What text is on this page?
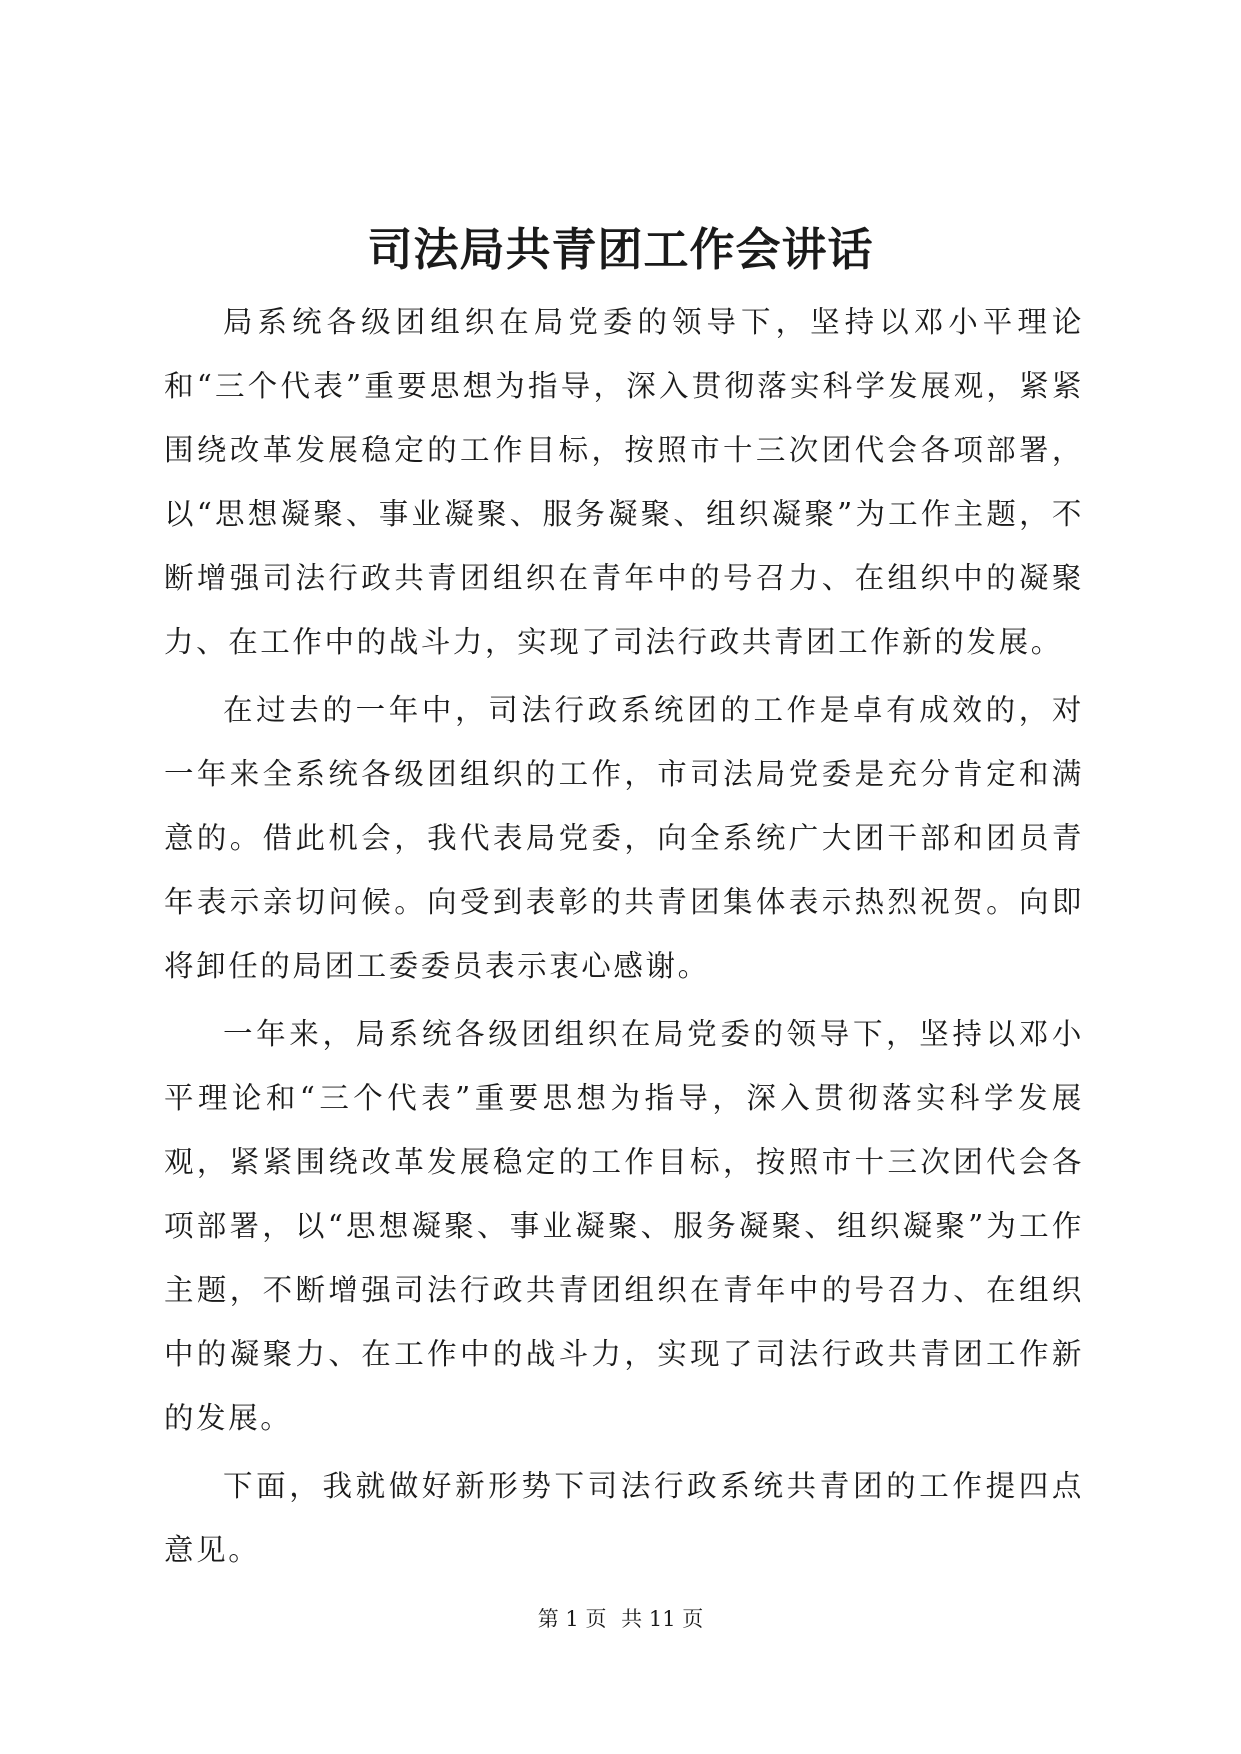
司法局共青团工作会讲话

局系统各级团组织在局党委的领导下，坚持以邓小平理论和“三个代表”重要思想为指导，深入贯彻落实科学发展观，紧紧围绕改革发展稳定的工作目标，按照市十三次团代会各项部署，以“思想凝聚、事业凝聚、服务凝聚、组织凝聚”为工作主题，不断增强司法行政共青团组织在青年中的号召力、在组织中的凝聚力、在工作中的战斗力，实现了司法行政共青团工作新的发展。

在过去的一年中，司法行政系统团的工作是卓有成效的，对一年来全系统各级团组织的工作，市司法局党委是充分肯定和满意的。借此机会，我代表局党委，向全系统广大团干部和团员青年表示亲切问候。向受到表彰的共青团集体表示热烈祝贺。向即将卸任的局团工委委员表示衷心感谢。

一年来，局系统各级团组织在局党委的领导下，坚持以邓小平理论和“三个代表”重要思想为指导，深入贯彻落实科学发展观，紧紧围绕改革发展稳定的工作目标，按照市十三次团代会各项部署，以“思想凝聚、事业凝聚、服务凝聚、组织凝聚”为工作主题，不断增强司法行政共青团组织在青年中的号召力、在组织中的凝聚力、在工作中的战斗力，实现了司法行政共青团工作新的发展。

下面，我就做好新形势下司法行政系统共青团的工作提四点意见。

第 1 页 共 11 页
